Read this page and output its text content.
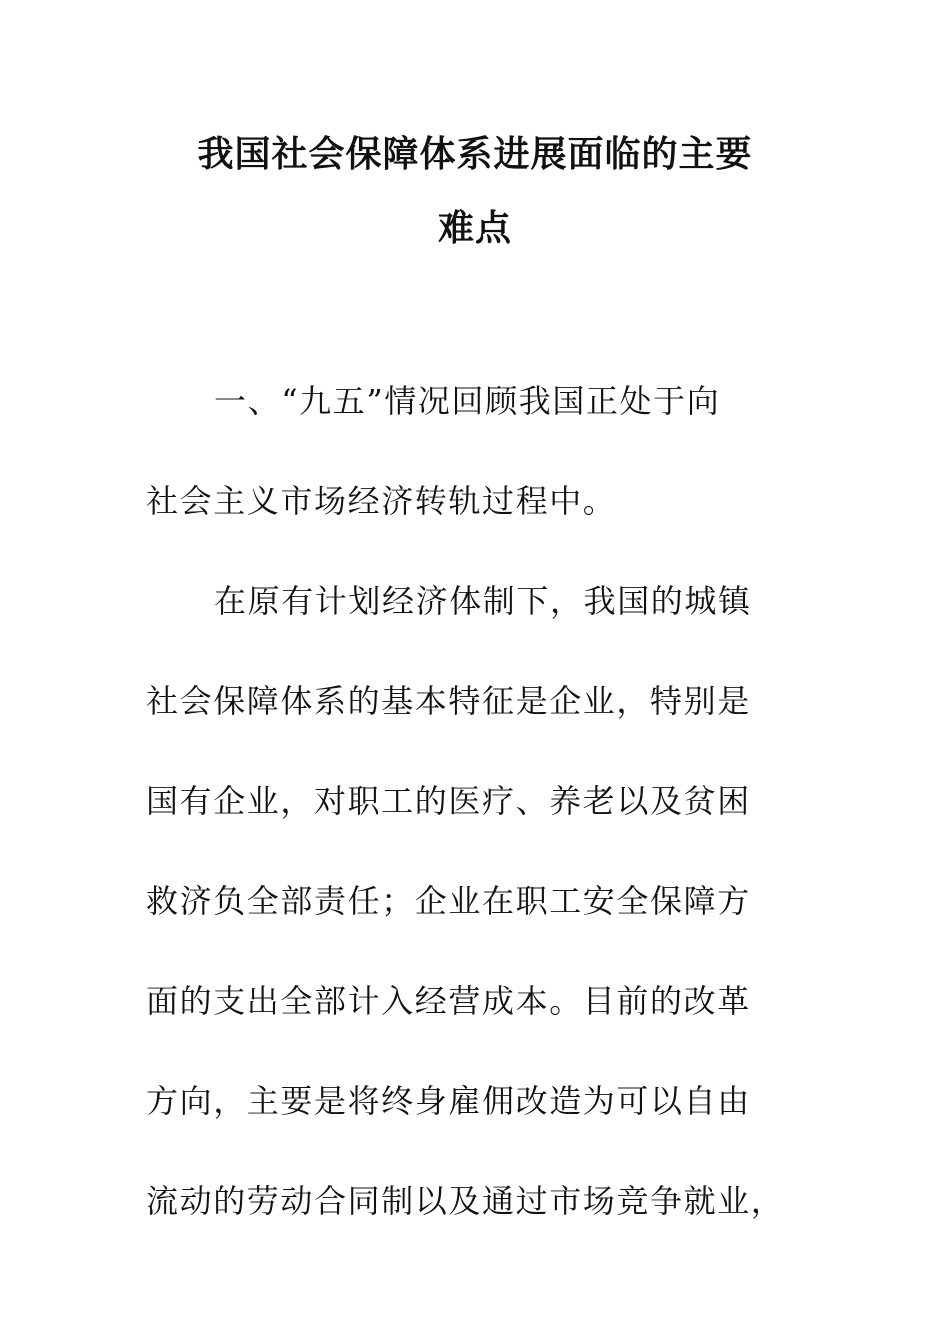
我国社会保障体系进展面临的主要
难点
一、“九五”情况回顾我国正处于向
社会主义市场经济转轨过程中。
在原有计划经济体制下，我国的城镇
社会保障体系的基本特征是企业，特别是
国有企业，对职工的医疗、养老以及贫困
救济负全部责任；企业在职工安全保障方
面的支出全部计入经营成本。目前的改革
方向，主要是将终身雇佣改造为可以自由
流动的劳动合同制以及通过市场竞争就业，
